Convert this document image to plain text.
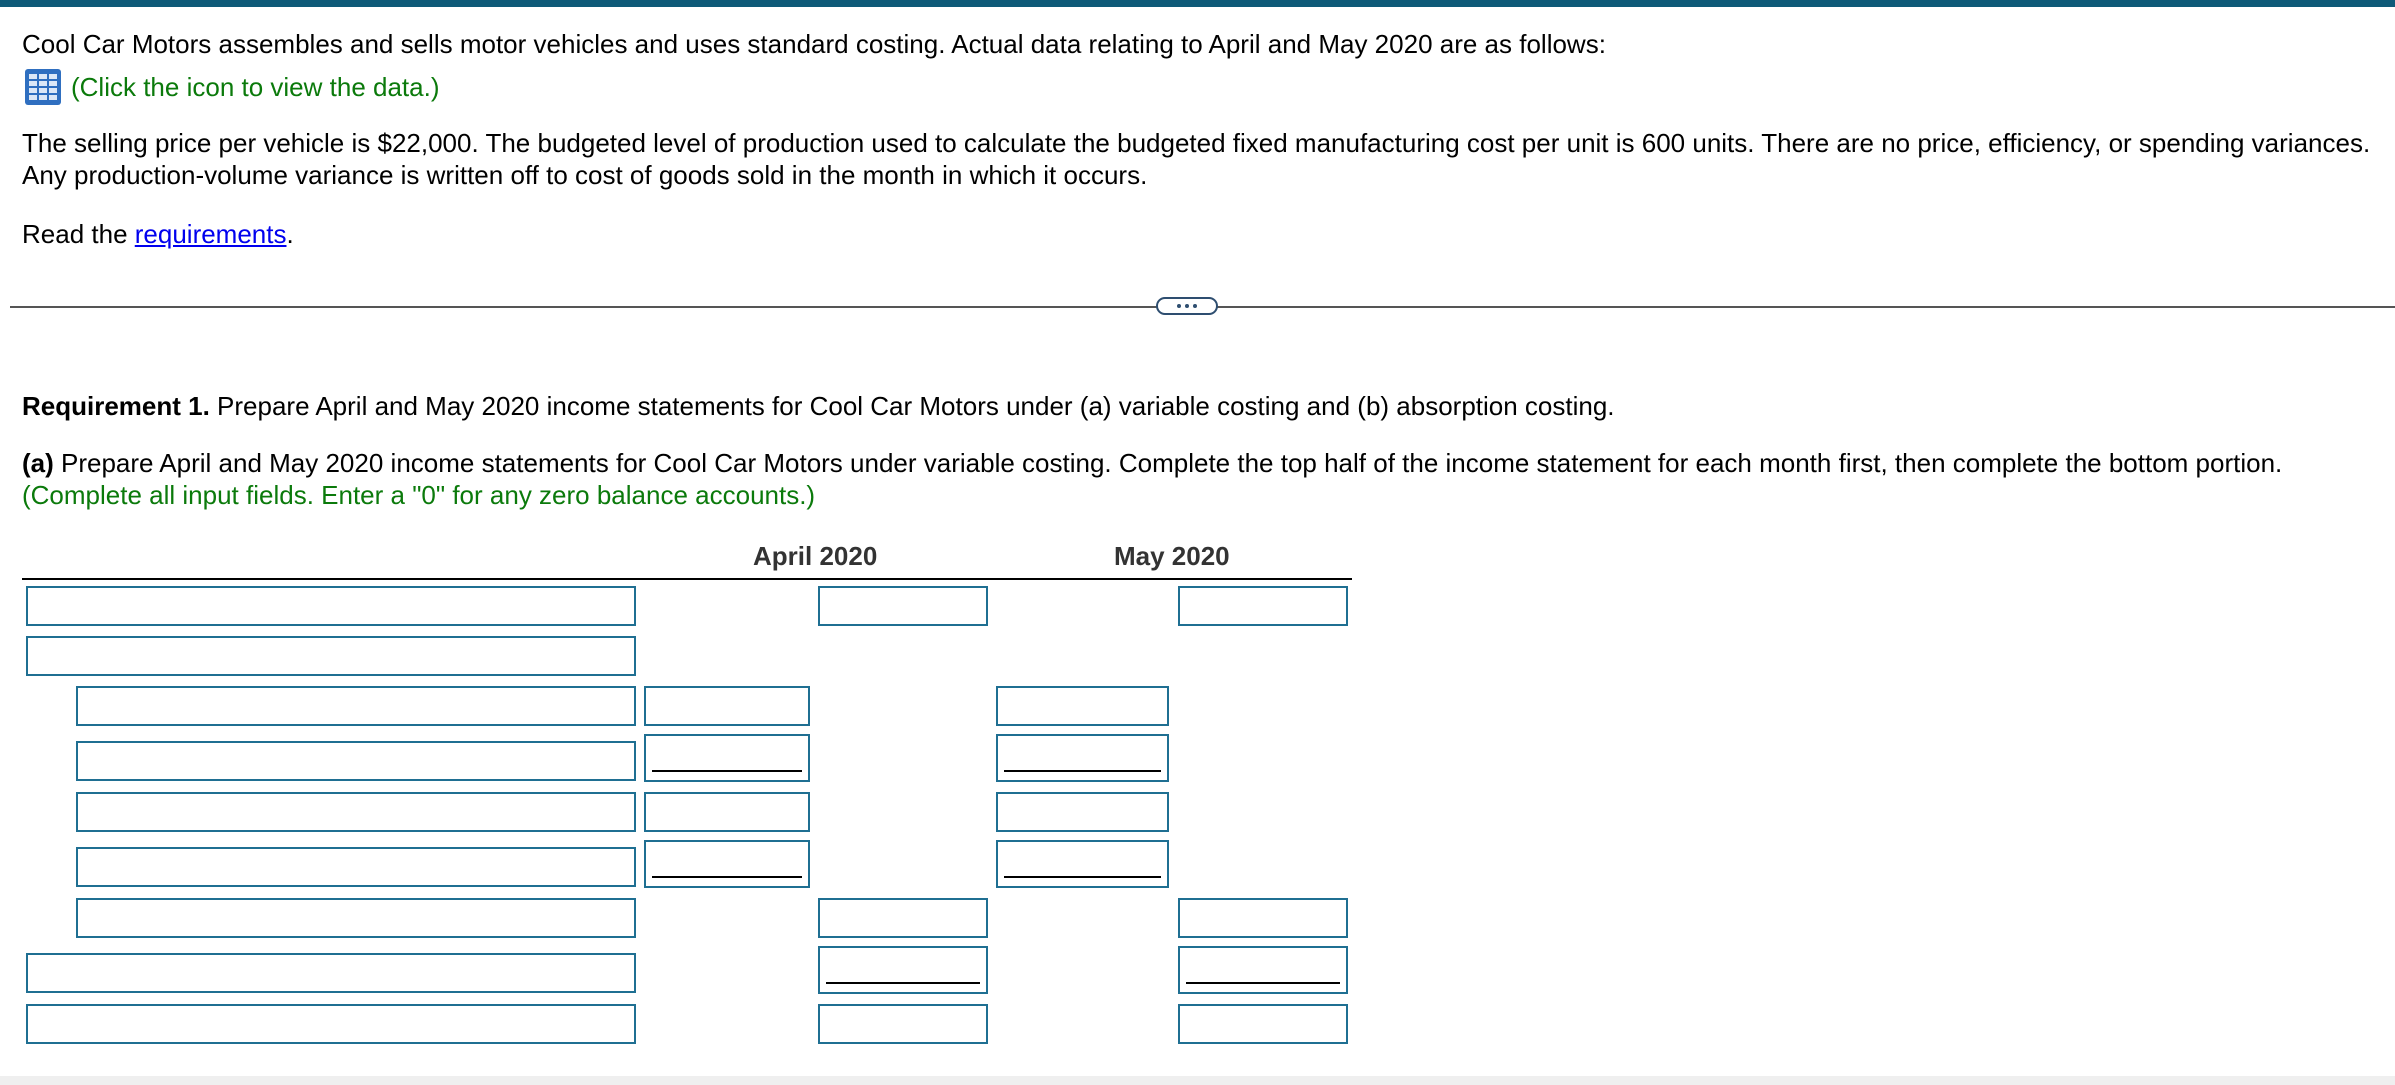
Cool Car Motors assembles and sells motor vehicles and uses standard costing. Actual data relating to April and May 2020 are as follows:
(Click the icon to view the data.)
The selling price per vehicle is $22,000. The budgeted level of production used to calculate the budgeted fixed manufacturing cost per unit is 600 units. There are no price, efficiency, or spending variances.
Any production-volume variance is written off to cost of goods sold in the month in which it occurs.
Read the requirements.
Requirement 1. Prepare April and May 2020 income statements for Cool Car Motors under (a) variable costing and (b) absorption costing.
(a) Prepare April and May 2020 income statements for Cool Car Motors under variable costing. Complete the top half of the income statement for each month first, then complete the bottom portion.
(Complete all input fields. Enter a "0" for any zero balance accounts.)
April 2020	May 2020
